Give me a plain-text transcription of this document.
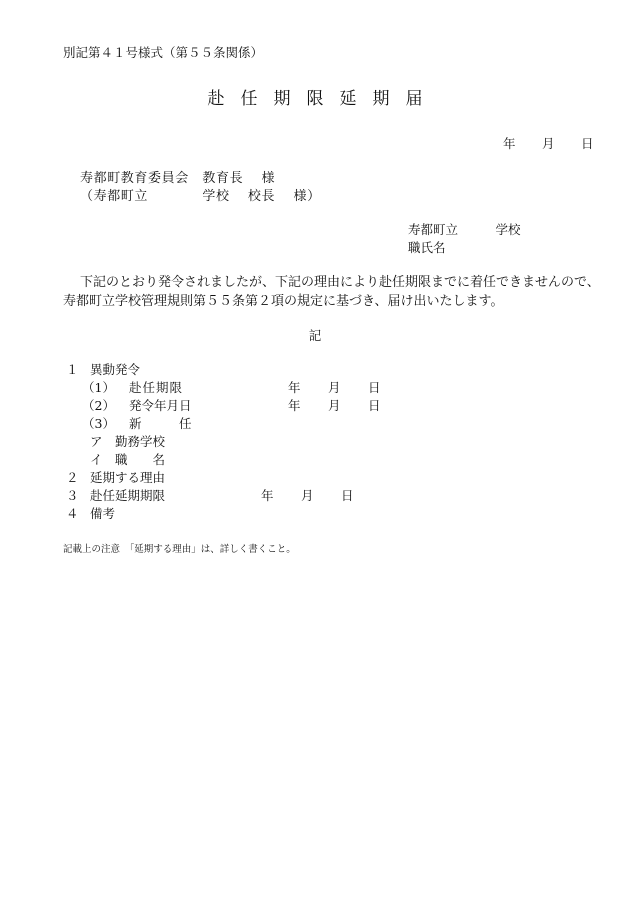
別記第４１号様式（第５５条関係）
赴任期限延期届
年 月 日
寿都町教育委員会　教育長　 様
（寿都町立　　　　学校　 校長　 様）
寿都町立　　　学校
職氏名
下記のとおり発令されましたが、下記の理由により赴任期限までに着任できませんので、
寿都町立学校管理規則第５５条第２項の規定に基づき、届け出いたします。
記
１ 異動発令
（1） 赴任期限	年 月 日
（2） 発令年月日	年 月 日
（3） 新　　　任
ア　勤務学校
イ　職　　名
２ 延期する理由
３ 赴任延期期限	年 月 日
４ 備考
記載上の注意　「延期する理由」は、詳しく書くこと。
